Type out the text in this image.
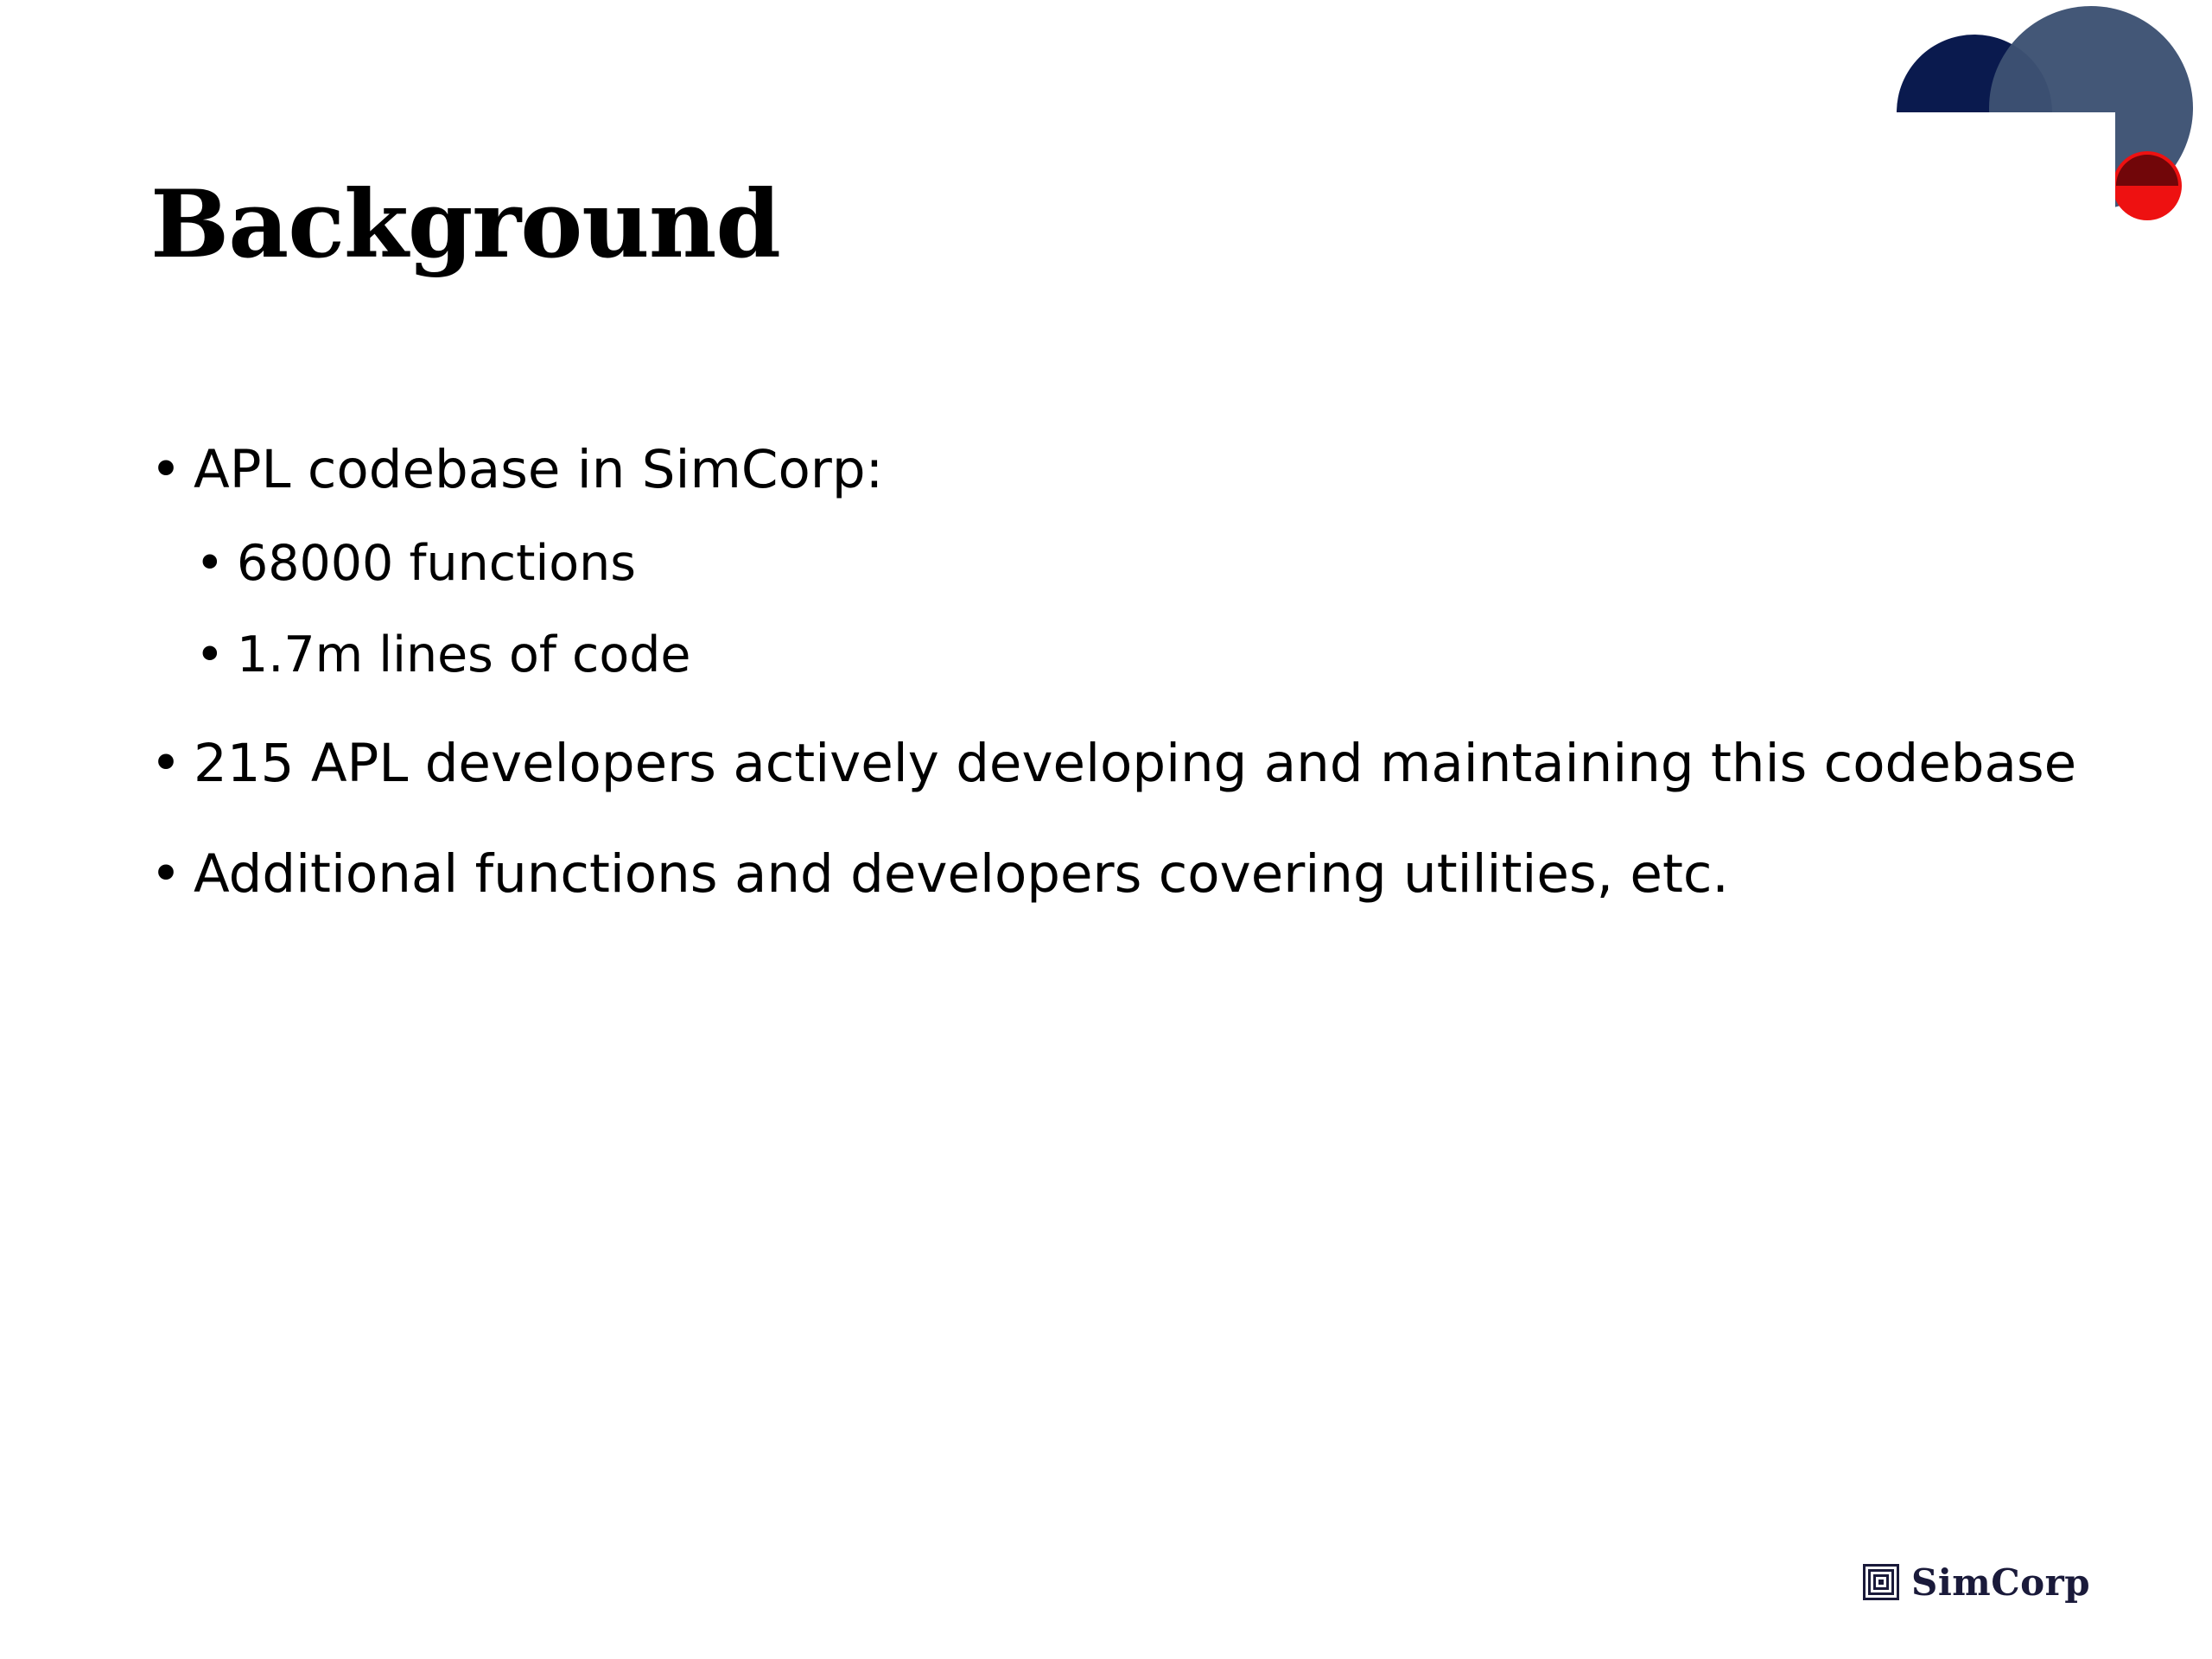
Background
• APL codebase in SimCorp:
• 68000 functions
• 1.7m lines of code
• 215 APL developers actively developing and maintaining this codebase
• Additional functions and developers covering utilities, etc.
SimCorp
